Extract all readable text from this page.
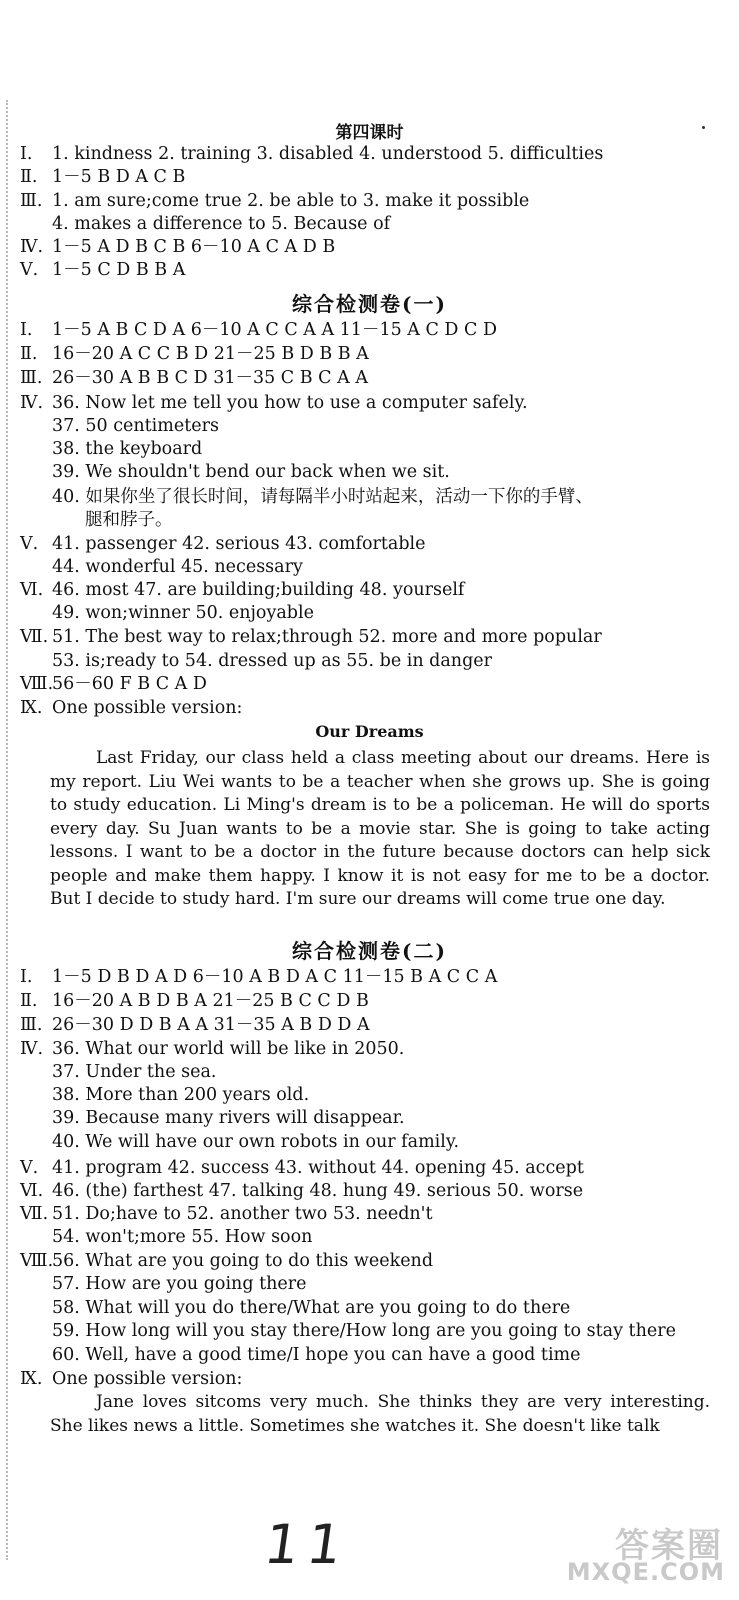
第四课时
Ⅰ. 1. kindness 2. training 3. disabled 4. understood 5. difficulties
Ⅱ. 1－5 B D A C B
Ⅲ. 1. am sure;come true 2. be able to 3. make it possible
4. makes a difference to 5. Because of
Ⅳ. 1－5 A D B C B 6－10 A C A D B
Ⅴ. 1－5 C D B B A
综合检测卷(一)
Ⅰ. 1－5 A B C D A 6－10 A C C A A 11－15 A C D C D
Ⅱ. 16－20 A C C B D 21－25 B D B B A
Ⅲ. 26－30 A B B C D 31－35 C B C A A
Ⅳ. 36. Now let me tell you how to use a computer safely.
37. 50 centimeters
38. the keyboard
39. We shouldn't bend our back when we sit.
40. 如果你坐了很长时间，请每隔半小时站起来，活动一下你的手臂、
腿和脖子。
Ⅴ. 41. passenger 42. serious 43. comfortable
44. wonderful 45. necessary
Ⅵ. 46. most 47. are building;building 48. yourself
49. won;winner 50. enjoyable
Ⅶ. 51. The best way to relax;through 52. more and more popular
53. is;ready to 54. dressed up as 55. be in danger
Ⅷ.
56－60 F B C A D
Ⅸ. One possible version:
Our Dreams
Last Friday, our class held a class meeting about our dreams. Here is my report. Liu Wei wants to be a teacher when she grows up. She is going to study education. Li Ming's dream is to be a policeman. He will do sports every day. Su Juan wants to be a movie star. She is going to take acting lessons. I want to be a doctor in the future because doctors can help sick people and make them happy. I know it is not easy for me to be a doctor. But I decide to study hard. I'm sure our dreams will come true one day.
综合检测卷(二)
Ⅰ. 1－5 D B D A D 6－10 A B D A C 11－15 B A C C A
Ⅱ. 16－20 A B D B A 21－25 B C C D B
Ⅲ. 26－30 D D B A A 31－35 A B D D A
Ⅳ. 36. What our world will be like in 2050.
37. Under the sea.
38. More than 200 years old.
39. Because many rivers will disappear.
40. We will have our own robots in our family.
Ⅴ. 41. program 42. success 43. without 44. opening 45. accept
Ⅵ. 46. (the) farthest 47. talking 48. hung 49. serious 50. worse
Ⅶ. 51. Do;have to 52. another two 53. needn't
54. won't;more 55. How soon
Ⅷ.
56. What are you going to do this weekend
57. How are you going there
58. What will you do there/What are you going to do there
59. How long will you stay there/How long are you going to stay there
60. Well, have a good time/I hope you can have a good time
Ⅸ. One possible version:
Jane loves sitcoms very much. She thinks they are very interesting. She likes news a little. Sometimes she watches it. She doesn't like talk
11	答案圈
MXQE.COM
